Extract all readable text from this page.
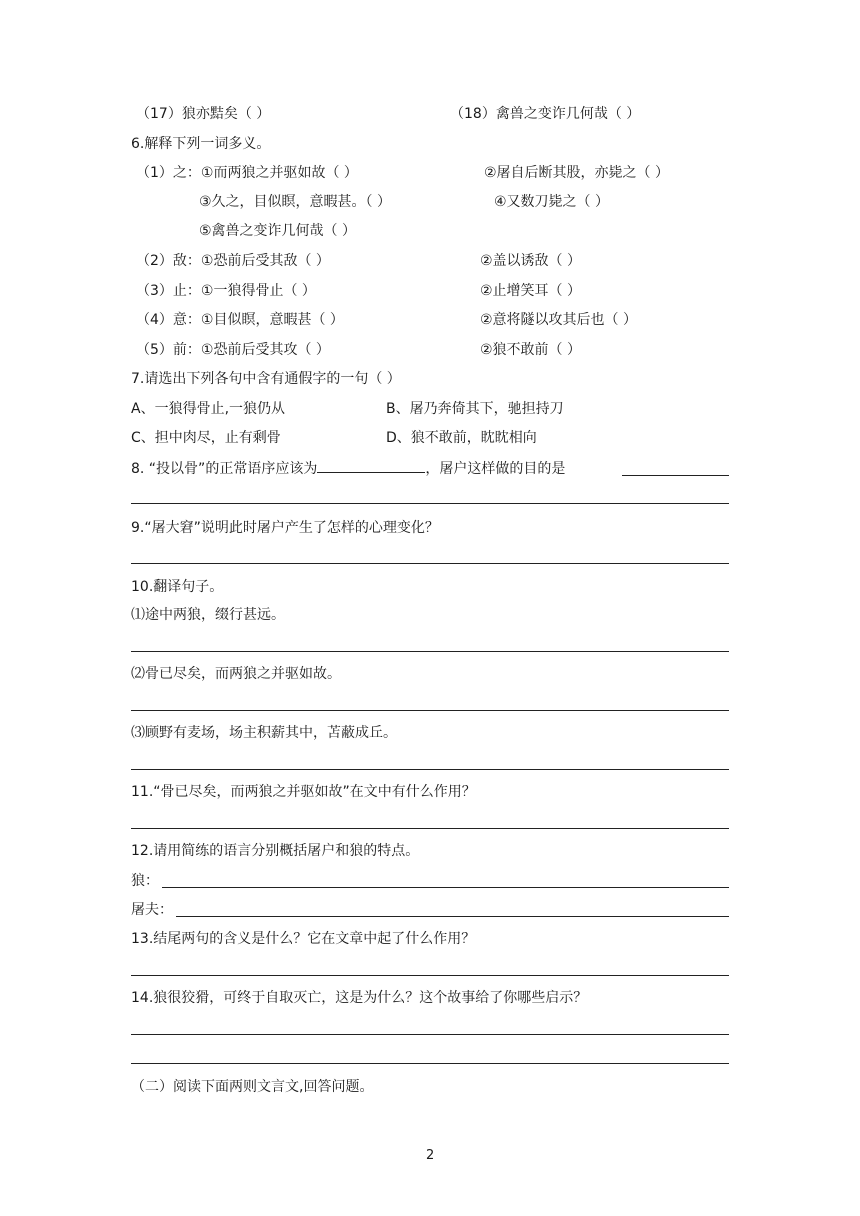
（17）狼亦黠矣（ ）	（18）禽兽之变诈几何哉（ ）
6.解释下列一词多义。
（1）之：①而两狼之并驱如故（ ）	②屠自后断其股，亦毙之（ ）
③久之，目似瞑，意暇甚。（ ）	④又数刀毙之（ ）
⑤禽兽之变诈几何哉（ ）
（2）敌：①恐前后受其敌（ ）	②盖以诱敌（ ）
（3）止：①一狼得骨止（ ）	②止增笑耳（ ）
（4）意：①目似瞑，意暇甚（ ）	②意将隧以攻其后也（ ）
（5）前：①恐前后受其攻（ ）	②狼不敢前（ ）
7.请选出下列各句中含有通假字的一句（ ）
A、一狼得骨止,一狼仍从	B、屠乃奔倚其下，驰担持刀
C、担中肉尽，止有剩骨	D、狼不敢前，眈眈相向
8. “投以骨”的正常语序应该为	，屠户这样做的目的是
9.“屠大窘”说明此时屠户产生了怎样的心理变化？
10.翻译句子。
⑴途中两狼，缀行甚远。
⑵骨已尽矣，而两狼之并驱如故。
⑶顾野有麦场，场主积薪其中，苫蔽成丘。
11.“骨已尽矣，而两狼之并驱如故”在文中有什么作用？
12.请用简练的语言分别概括屠户和狼的特点。
狼：
屠夫：
13.结尾两句的含义是什么？它在文章中起了什么作用？
14.狼很狡猾，可终于自取灭亡，这是为什么？这个故事给了你哪些启示？
（二）阅读下面两则文言文,回答问题。
2
